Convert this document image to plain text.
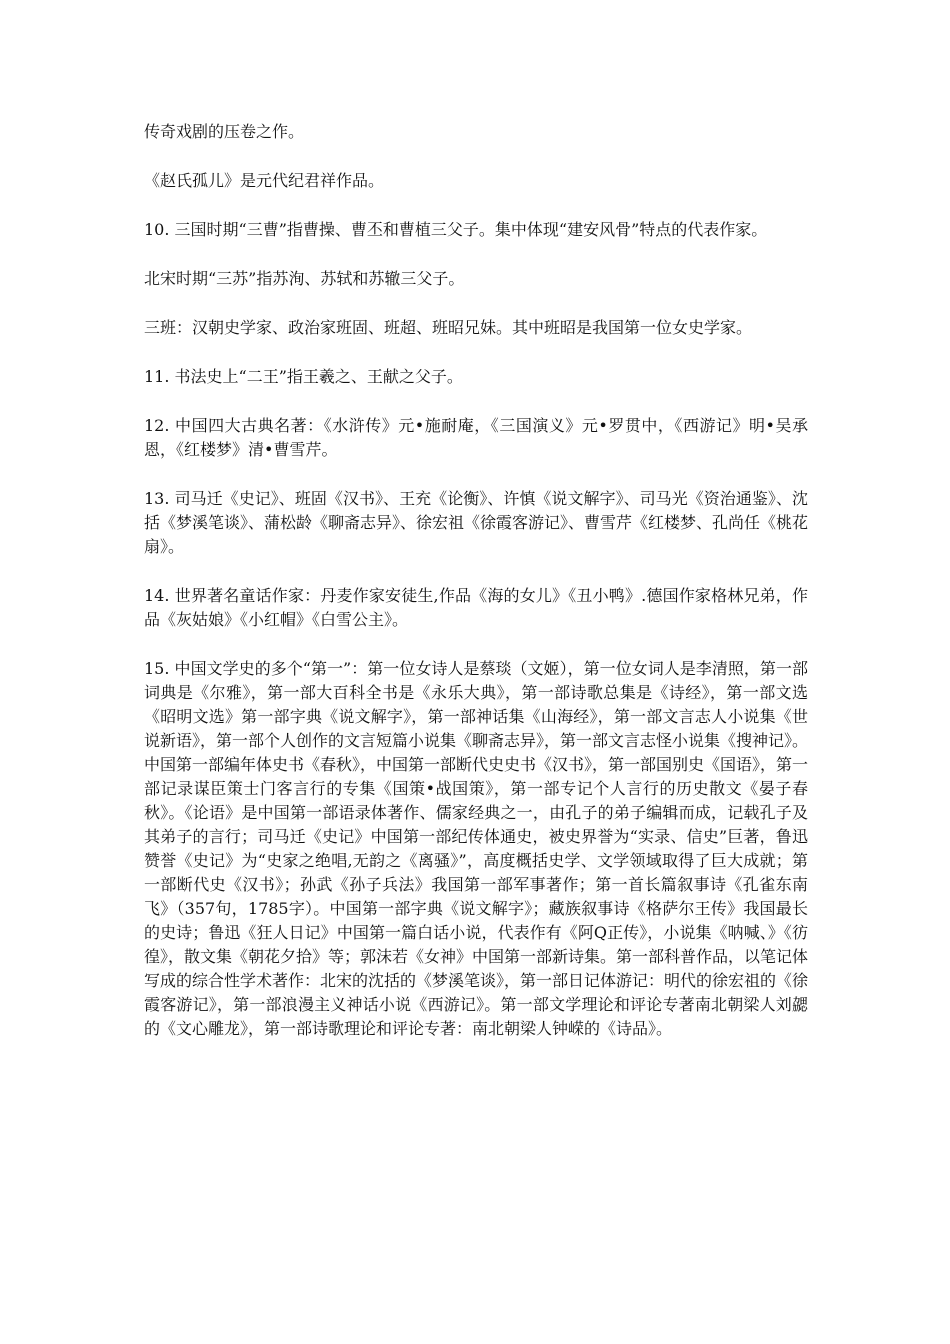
传奇戏剧的压卷之作。

《赵氏孤儿》是元代纪君祥作品。

10. 三国时期“三曹”指曹操、曹丕和曹植三父子。集中体现“建安风骨”特点的代表作家。

北宋时期“三苏”指苏洵、苏轼和苏辙三父子。

三班：汉朝史学家、政治家班固、班超、班昭兄妹。其中班昭是我国第一位女史学家。

11. 书法史上“二王”指王羲之、王献之父子。

12. 中国四大古典名著：《水浒传》元•施耐庵，《三国演义》元•罗贯中，《西游记》明•吴承恩，《红楼梦》清•曹雪芹。

13. 司马迁《史记》、班固《汉书》、王充《论衡》、许慎《说文解字》、司马光《资治通鉴》、沈括《梦溪笔谈》、蒲松龄《聊斋志异》、徐宏祖《徐霞客游记》、曹雪芹《红楼梦、孔尚任《桃花扇》。

14. 世界著名童话作家：丹麦作家安徒生,作品《海的女儿》《丑小鸭》.德国作家格林兄弟，作品《灰姑娘》《小红帽》《白雪公主》。

15. 中国文学史的多个“第一”：第一位女诗人是蔡琰（文姬），第一位女词人是李清照，第一部词典是《尔雅》，第一部大百科全书是《永乐大典》，第一部诗歌总集是《诗经》，第一部文选《昭明文选》第一部字典《说文解字》，第一部神话集《山海经》，第一部文言志人小说集《世说新语》，第一部个人创作的文言短篇小说集《聊斋志异》，第一部文言志怪小说集《搜神记》。中国第一部编年体史书《春秋》，中国第一部断代史史书《汉书》，第一部国别史《国语》，第一部记录谋臣策士门客言行的专集《国策•战国策》，第一部专记个人言行的历史散文《晏子春秋》。《论语》是中国第一部语录体著作、儒家经典之一，由孔子的弟子编辑而成，记载孔子及其弟子的言行；司马迁《史记》中国第一部纪传体通史，被史界誉为“实录、信史”巨著，鲁迅赞誉《史记》为“史家之绝唱,无韵之《离骚》”，高度概括史学、文学领域取得了巨大成就；第一部断代史《汉书》；孙武《孙子兵法》我国第一部军事著作；第一首长篇叙事诗《孔雀东南飞》（357句，1785字）。中国第一部字典《说文解字》；藏族叙事诗《格萨尔王传》我国最长的史诗；鲁迅《狂人日记》中国第一篇白话小说，代表作有《阿Q正传》，小说集《呐喊、》《彷徨》，散文集《朝花夕拾》等；郭沫若《女神》中国第一部新诗集。第一部科普作品，以笔记体写成的综合性学术著作：北宋的沈括的《梦溪笔谈》，第一部日记体游记：明代的徐宏祖的《徐霞客游记》，第一部浪漫主义神话小说《西游记》。第一部文学理论和评论专著南北朝梁人刘勰的《文心雕龙》，第一部诗歌理论和评论专著：南北朝梁人钟嵘的《诗品》。
